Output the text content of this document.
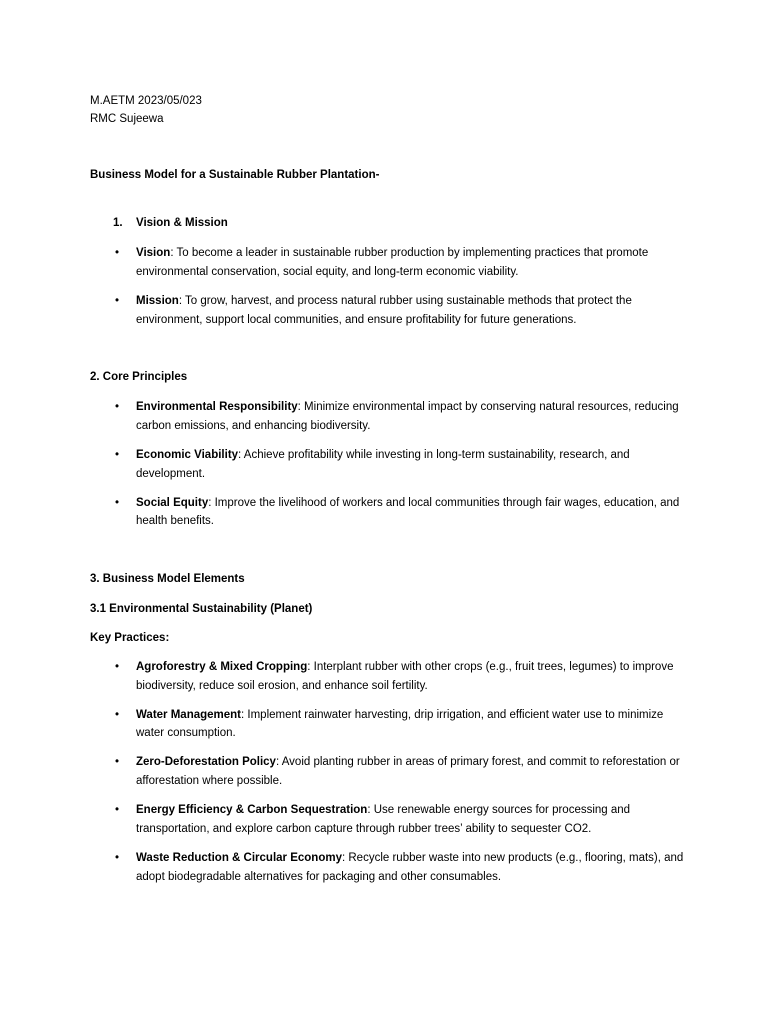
M.AETM 2023/05/023
RMC Sujeewa
Business Model for a Sustainable Rubber Plantation-
1. Vision & Mission
•
Vision: To become a leader in sustainable rubber production by implementing practices that promote environmental conservation, social equity, and long-term economic viability.
•
Mission: To grow, harvest, and process natural rubber using sustainable methods that protect the environment, support local communities, and ensure profitability for future generations.
2. Core Principles
•
Environmental Responsibility: Minimize environmental impact by conserving natural resources, reducing carbon emissions, and enhancing biodiversity.
•
Economic Viability: Achieve profitability while investing in long-term sustainability, research, and development.
•
Social Equity: Improve the livelihood of workers and local communities through fair wages, education, and health benefits.
3. Business Model Elements
3.1 Environmental Sustainability (Planet)
Key Practices:
•
Agroforestry & Mixed Cropping: Interplant rubber with other crops (e.g., fruit trees, legumes) to improve biodiversity, reduce soil erosion, and enhance soil fertility.
•
Water Management: Implement rainwater harvesting, drip irrigation, and efficient water use to minimize water consumption.
•
Zero-Deforestation Policy: Avoid planting rubber in areas of primary forest, and commit to reforestation or afforestation where possible.
•
Energy Efficiency & Carbon Sequestration: Use renewable energy sources for processing and transportation, and explore carbon capture through rubber trees’ ability to sequester CO2.
•
Waste Reduction & Circular Economy: Recycle rubber waste into new products (e.g., flooring, mats), and adopt biodegradable alternatives for packaging and other consumables.
